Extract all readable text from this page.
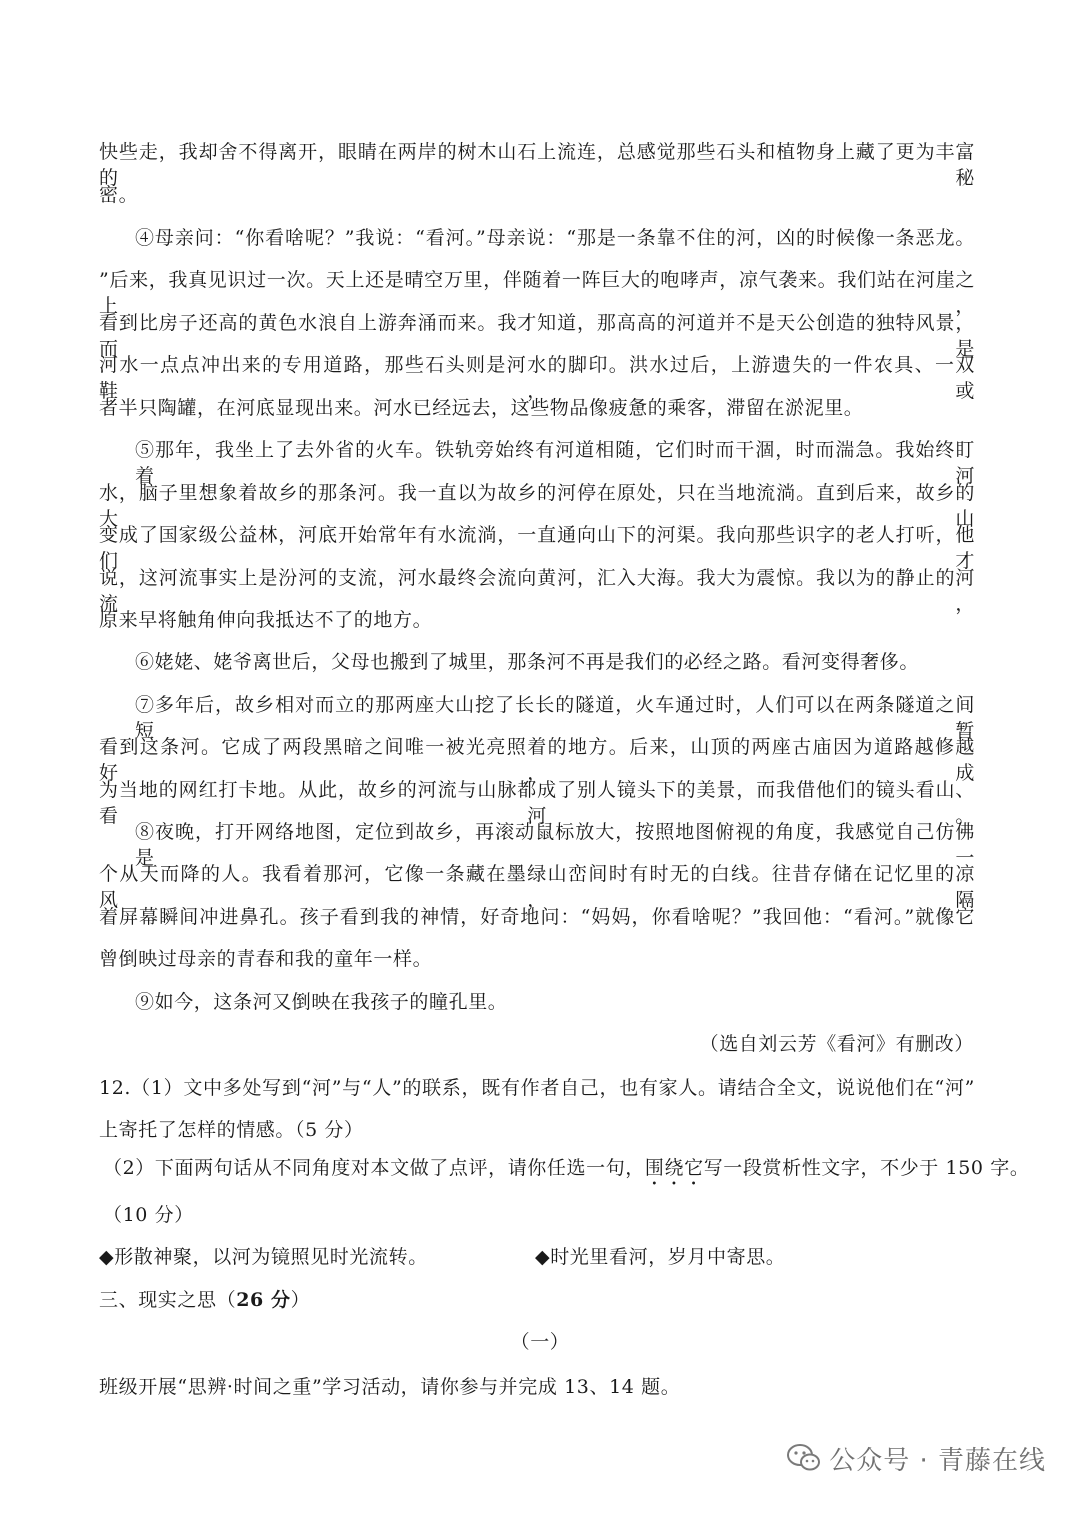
快些走，我却舍不得离开，眼睛在两岸的树木山石上流连，总感觉那些石头和植物身上藏了更为丰富的秘
密。
④母亲问：“你看啥呢？”我说：“看河。”母亲说：“那是一条靠不住的河，凶的时候像一条恶龙。
”后来，我真见识过一次。天上还是晴空万里，伴随着一阵巨大的咆哮声，凉气袭来。我们站在河崖之上，
看到比房子还高的黄色水浪自上游奔涌而来。我才知道，那高高的河道并不是天公创造的独特风景，而是
河水一点点冲出来的专用道路，那些石头则是河水的脚印。洪水过后，上游遗失的一件农具、一双鞋，或
者半只陶罐，在河底显现出来。河水已经远去，这些物品像疲惫的乘客，滞留在淤泥里。
⑤那年，我坐上了去外省的火车。铁轨旁始终有河道相随，它们时而干涸，时而湍急。我始终盯着河
水，脑子里想象着故乡的那条河。我一直以为故乡的河停在原处，只在当地流淌。直到后来，故乡的大山
变成了国家级公益林，河底开始常年有水流淌，一直通向山下的河渠。我向那些识字的老人打听，他们才
说，这河流事实上是汾河的支流，河水最终会流向黄河，汇入大海。我大为震惊。我以为的静止的河流，
原来早将触角伸向我抵达不了的地方。
⑥姥姥、姥爷离世后，父母也搬到了城里，那条河不再是我们的必经之路。看河变得奢侈。
⑦多年后，故乡相对而立的那两座大山挖了长长的隧道，火车通过时，人们可以在两条隧道之间短暂
看到这条河。它成了两段黑暗之间唯一被光亮照着的地方。后来，山顶的两座古庙因为道路越修越好，成
为当地的网红打卡地。从此，故乡的河流与山脉都成了别人镜头下的美景，而我借他们的镜头看山、看河。
⑧夜晚，打开网络地图，定位到故乡，再滚动鼠标放大，按照地图俯视的角度，我感觉自己仿佛是一
个从天而降的人。我看着那河，它像一条藏在墨绿山峦间时有时无的白线。往昔存储在记忆里的凉风，隔
着屏幕瞬间冲进鼻孔。孩子看到我的神情，好奇地问：“妈妈，你看啥呢？”我回他：“看河。”就像它
曾倒映过母亲的青春和我的童年一样。
⑨如今，这条河又倒映在我孩子的瞳孔里。
（选自刘云芳《看河》有删改）
12.（1）文中多处写到“河”与“人”的联系，既有作者自己，也有家人。请结合全文，说说他们在“河”
上寄托了怎样的情感。（5 分）
（2）下面两句话从不同角度对本文做了点评，请你任选一句，围绕它写一段赏析性文字，不少于 150 字。
（10 分）
◆形散神聚，以河为镜照见时光流转。	◆时光里看河，岁月中寄思。
三、现实之思（26 分）
（一）
班级开展“思辨·时间之重”学习活动，请你参与并完成 13、14 题。
公众号 · 青藤在线
